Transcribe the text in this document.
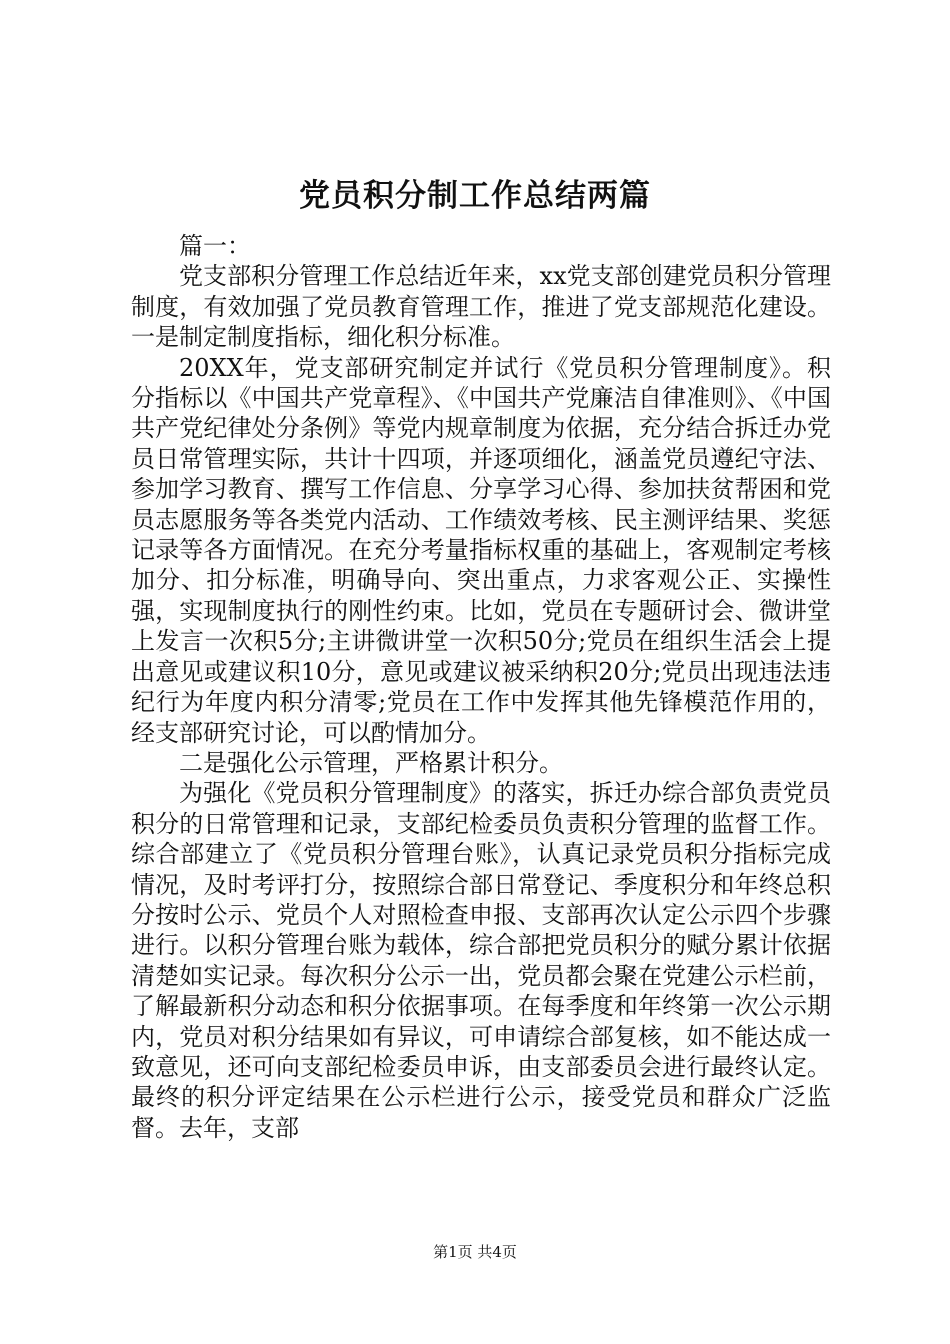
党员积分制工作总结两篇

篇一：

党支部积分管理工作总结近年来，xx党支部创建党员积分管理制度，有效加强了党员教育管理工作，推进了党支部规范化建设。一是制定制度指标，细化积分标准。

20XX年，党支部研究制定并试行《党员积分管理制度》。积分指标以《中国共产党章程》、《中国共产党廉洁自律准则》、《中国共产党纪律处分条例》等党内规章制度为依据，充分结合拆迁办党员日常管理实际，共计十四项，并逐项细化，涵盖党员遵纪守法、参加学习教育、撰写工作信息、分享学习心得、参加扶贫帮困和党员志愿服务等各类党内活动、工作绩效考核、民主测评结果、奖惩记录等各方面情况。在充分考量指标权重的基础上，客观制定考核加分、扣分标准，明确导向、突出重点，力求客观公正、实操性强，实现制度执行的刚性约束。比如，党员在专题研讨会、微讲堂上发言一次积5分;主讲微讲堂一次积50分;党员在组织生活会上提出意见或建议积10分，意见或建议被采纳积20分;党员出现违法违纪行为年度内积分清零;党员在工作中发挥其他先锋模范作用的，经支部研究讨论，可以酌情加分。

二是强化公示管理，严格累计积分。

为强化《党员积分管理制度》的落实，拆迁办综合部负责党员积分的日常管理和记录，支部纪检委员负责积分管理的监督工作。综合部建立了《党员积分管理台账》，认真记录党员积分指标完成情况，及时考评打分，按照综合部日常登记、季度积分和年终总积分按时公示、党员个人对照检查申报、支部再次认定公示四个步骤进行。以积分管理台账为载体，综合部把党员积分的赋分累计依据清楚如实记录。每次积分公示一出，党员都会聚在党建公示栏前，了解最新积分动态和积分依据事项。在每季度和年终第一次公示期内，党员对积分结果如有异议，可申请综合部复核，如不能达成一致意见，还可向支部纪检委员申诉，由支部委员会进行最终认定。最终的积分评定结果在公示栏进行公示，接受党员和群众广泛监督。去年，支部

第1页 共4页
